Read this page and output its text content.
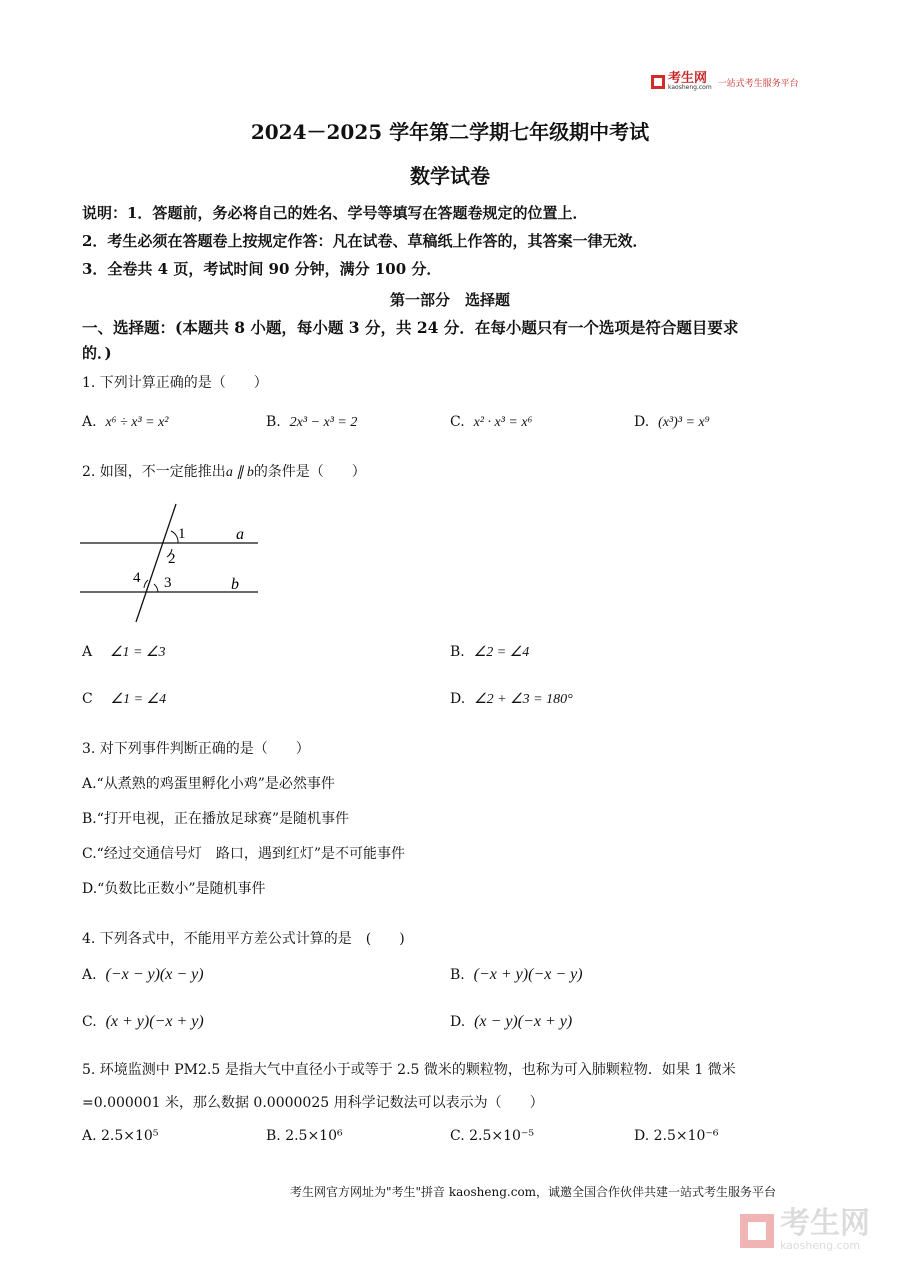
考生网
kaosheng.com 一站式考生服务平台
2024－2025 学年第二学期七年级期中考试
数学试卷
说明：1．答题前，务必将自己的姓名、学号等填写在答题卷规定的位置上．
2．考生必须在答题卷上按规定作答：凡在试卷、草稿纸上作答的，其答案一律无效．
3．全卷共 4 页，考试时间 90 分钟，满分 100 分．
第一部分　选择题
一、选择题：(本题共 8 小题，每小题 3 分，共 24 分．在每小题只有一个选项是符合题目要求
的．)
1. 下列计算正确的是（　　）
A. x⁶ ÷ x³ = x²	B. 2x³ − x³ = 2	C. x² · x³ = x⁶	D. (x³)³ = x⁹
2. 如图，不一定能推出a ∥ b的条件是（　　）
1
2
4 3
a
b
A ∠1 = ∠3	B. ∠2 = ∠4
C ∠1 = ∠4	D. ∠2 + ∠3 = 180°
3. 对下列事件判断正确的是（　　）
A.“从煮熟的鸡蛋里孵化小鸡”是必然事件
B.“打开电视，正在播放足球赛”是随机事件
C.“经过交通信号灯　路口，遇到红灯”是不可能事件
D.“负数比正数小”是随机事件
4. 下列各式中，不能用平方差公式计算的是　(　　)
A. (−x − y)(x − y)	B. (−x + y)(−x − y)
C. (x + y)(−x + y)	D. (x − y)(−x + y)
5. 环境监测中 PM2.5 是指大气中直径小于或等于 2.5 微米的颗粒物，也称为可入肺颗粒物．如果 1 微米
=0.000001 米，那么数据 0.0000025 用科学记数法可以表示为（　　）
A. 2.5×10⁵	B. 2.5×10⁶	C. 2.5×10⁻⁵	D. 2.5×10⁻⁶
考生网官方网址为"考生"拼音 kaosheng.com，诚邀全国合作伙伴共建一站式考生服务平台
考生网
kaosheng.com
